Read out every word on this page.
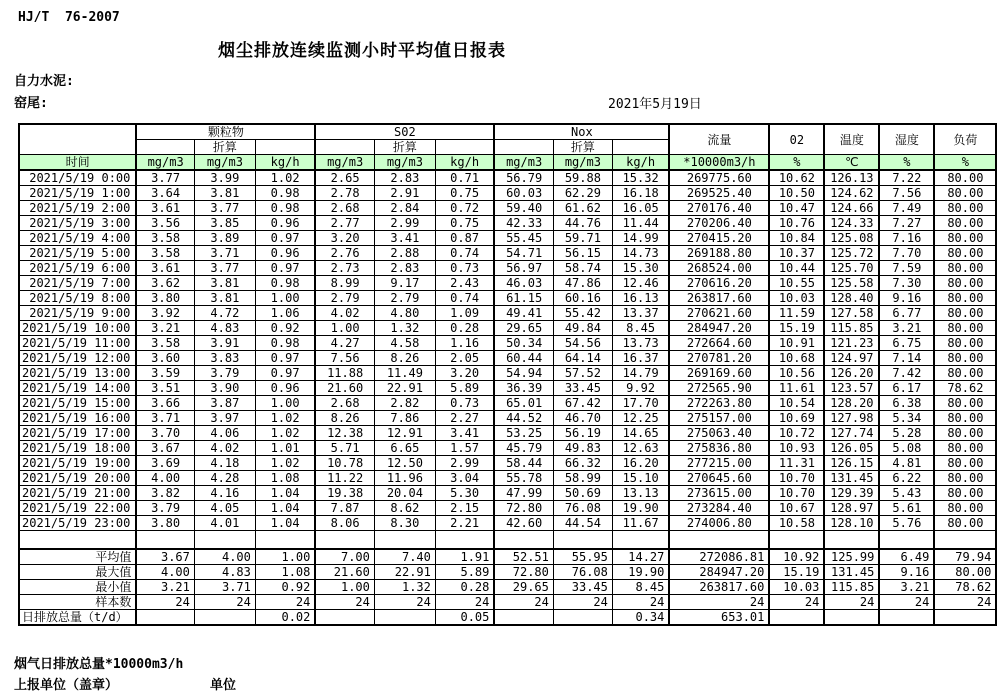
HJ/T  76-2007
烟尘排放连续监测小时平均值日报表
自力水泥:
窑尾:	2021年5月19日
	颗粒物			S02			Nox			流量	02	温度	湿度	负荷
		折算			折算			折算						
时间	mg/m3	mg/m3	kg/h	mg/m3	mg/m3	kg/h	mg/m3	mg/m3	kg/h	*10000m3/h	%	℃	%	%
2021/5/19 0:00	3.77	3.99	1.02	2.65	2.83	0.71	56.79	59.88	15.32	269775.60	10.62	126.13	7.22	80.00
2021/5/19 1:00	3.64	3.81	0.98	2.78	2.91	0.75	60.03	62.29	16.18	269525.40	10.50	124.62	7.56	80.00
2021/5/19 2:00	3.61	3.77	0.98	2.68	2.84	0.72	59.40	61.62	16.05	270176.40	10.47	124.66	7.49	80.00
2021/5/19 3:00	3.56	3.85	0.96	2.77	2.99	0.75	42.33	44.76	11.44	270206.40	10.76	124.33	7.27	80.00
2021/5/19 4:00	3.58	3.89	0.97	3.20	3.41	0.87	55.45	59.71	14.99	270415.20	10.84	125.08	7.16	80.00
2021/5/19 5:00	3.58	3.71	0.96	2.76	2.88	0.74	54.71	56.15	14.73	269188.80	10.37	125.72	7.70	80.00
2021/5/19 6:00	3.61	3.77	0.97	2.73	2.83	0.73	56.97	58.74	15.30	268524.00	10.44	125.70	7.59	80.00
2021/5/19 7:00	3.62	3.81	0.98	8.99	9.17	2.43	46.03	47.86	12.46	270616.20	10.55	125.58	7.30	80.00
2021/5/19 8:00	3.80	3.81	1.00	2.79	2.79	0.74	61.15	60.16	16.13	263817.60	10.03	128.40	9.16	80.00
2021/5/19 9:00	3.92	4.72	1.06	4.02	4.80	1.09	49.41	55.42	13.37	270621.60	11.59	127.58	6.77	80.00
2021/5/19 10:00	3.21	4.83	0.92	1.00	1.32	0.28	29.65	49.84	8.45	284947.20	15.19	115.85	3.21	80.00
2021/5/19 11:00	3.58	3.91	0.98	4.27	4.58	1.16	50.34	54.56	13.73	272664.60	10.91	121.23	6.75	80.00
2021/5/19 12:00	3.60	3.83	0.97	7.56	8.26	2.05	60.44	64.14	16.37	270781.20	10.68	124.97	7.14	80.00
2021/5/19 13:00	3.59	3.79	0.97	11.88	11.49	3.20	54.94	57.52	14.79	269169.60	10.56	126.20	7.42	80.00
2021/5/19 14:00	3.51	3.90	0.96	21.60	22.91	5.89	36.39	33.45	9.92	272565.90	11.61	123.57	6.17	78.62
2021/5/19 15:00	3.66	3.87	1.00	2.68	2.82	0.73	65.01	67.42	17.70	272263.80	10.54	128.20	6.38	80.00
2021/5/19 16:00	3.71	3.97	1.02	8.26	7.86	2.27	44.52	46.70	12.25	275157.00	10.69	127.98	5.34	80.00
2021/5/19 17:00	3.70	4.06	1.02	12.38	12.91	3.41	53.25	56.19	14.65	275063.40	10.72	127.74	5.28	80.00
2021/5/19 18:00	3.67	4.02	1.01	5.71	6.65	1.57	45.79	49.83	12.63	275836.80	10.93	126.05	5.08	80.00
2021/5/19 19:00	3.69	4.18	1.02	10.78	12.50	2.99	58.44	66.32	16.20	277215.00	11.31	126.15	4.81	80.00
2021/5/19 20:00	4.00	4.28	1.08	11.22	11.96	3.04	55.78	58.99	15.10	270645.60	10.70	131.45	6.22	80.00
2021/5/19 21:00	3.82	4.16	1.04	19.38	20.04	5.30	47.99	50.69	13.13	273615.00	10.70	129.39	5.43	80.00
2021/5/19 22:00	3.79	4.05	1.04	7.87	8.62	2.15	72.80	76.08	19.90	273284.40	10.67	128.97	5.61	80.00
2021/5/19 23:00	3.80	4.01	1.04	8.06	8.30	2.21	42.60	44.54	11.67	274006.80	10.58	128.10	5.76	80.00

平均值	3.67	4.00	1.00	7.00	7.40	1.91	52.51	55.95	14.27	272086.81	10.92	125.99	6.49	79.94
最大值	4.00	4.83	1.08	21.60	22.91	5.89	72.80	76.08	19.90	284947.20	15.19	131.45	9.16	80.00
最小值	3.21	3.71	0.92	1.00	1.32	0.28	29.65	33.45	8.45	263817.60	10.03	115.85	3.21	78.62
样本数	24	24	24	24	24	24	24	24	24	24	24	24	24	24
日排放总量（t/d）			0.02			0.05			0.34	653.01				
烟气日排放总量*10000m3/h
上报单位（盖章）	单位
